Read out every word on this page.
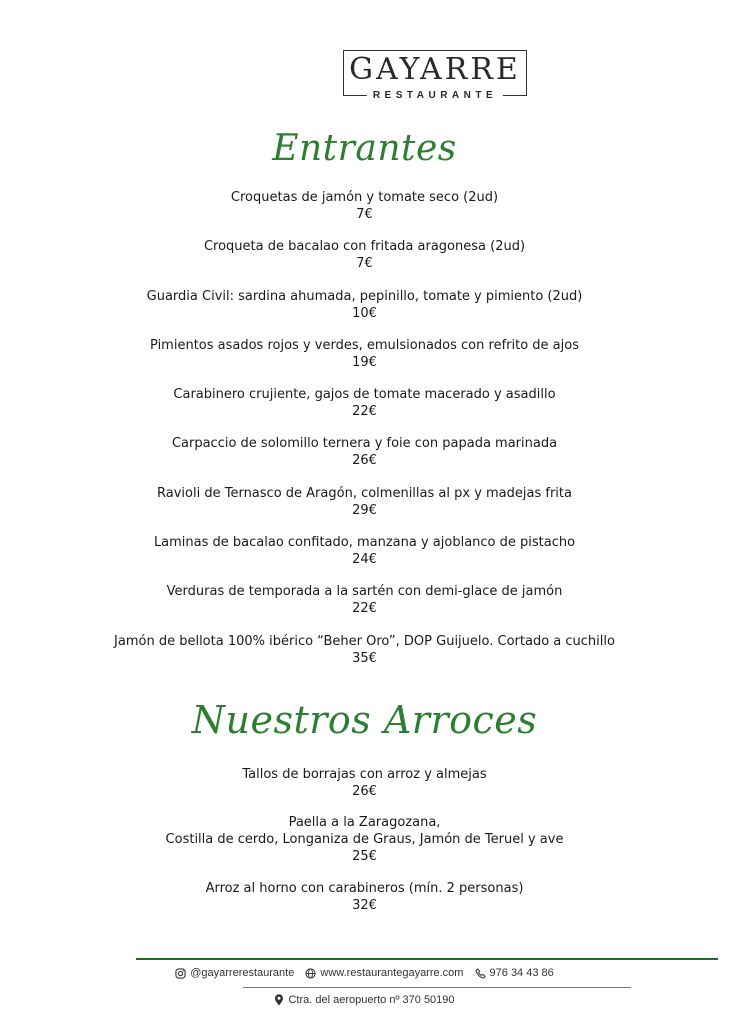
GAYARRE
RESTAURANTE
Entrantes
Croquetas de jamón y tomate seco (2ud)
7€
Croqueta de bacalao con fritada aragonesa (2ud)
7€
Guardia Civil: sardina ahumada, pepinillo, tomate y pimiento (2ud)
10€
Pimientos asados rojos y verdes, emulsionados con refrito de ajos
19€
Carabinero crujiente, gajos de tomate macerado y asadillo
22€
Carpaccio de solomillo ternera y foie con papada marinada
26€
Ravioli de Ternasco de Aragón, colmenillas al px y madejas frita
29€
Laminas de bacalao confitado, manzana y ajoblanco de pistacho
24€
Verduras de temporada a la sartén con demi-glace de jamón
22€
Jamón de bellota 100% ibérico “Beher Oro”, DOP Guijuelo. Cortado a cuchillo
35€
Nuestros Arroces
Tallos de borrajas con arroz y almejas
26€
Paella a la Zaragozana,
Costilla de cerdo, Longaniza de Graus, Jamón de Teruel y ave
25€
Arroz al horno con carabineros (mín. 2 personas)
32€
@gayarrerestaurante
www.restaurantegayarre.com
976 34 43 86
Ctra. del aeropuerto nº 370 50190
